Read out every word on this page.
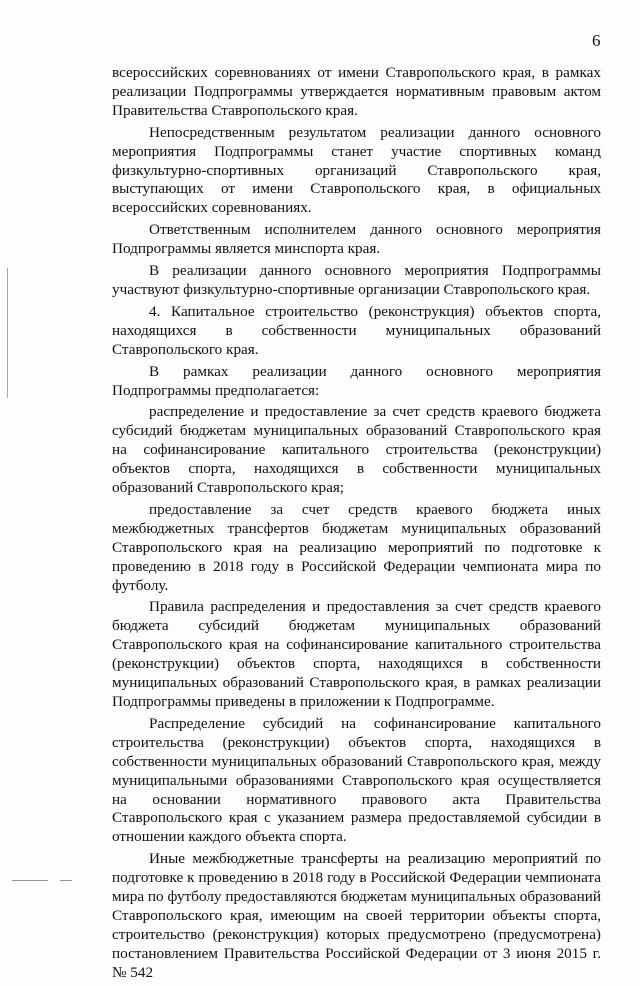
6

всероссийских соревнованиях от имени Ставропольского края, в рамках реализации Подпрограммы утверждается нормативным правовым актом Правительства Ставропольского края.

Непосредственным результатом реализации данного основного мероприятия Подпрограммы станет участие спортивных команд физкультурно-спортивных организаций Ставропольского края, выступающих от имени Ставропольского края, в официальных всероссийских соревнованиях.

Ответственным исполнителем данного основного мероприятия Подпрограммы является минспорта края.

В реализации данного основного мероприятия Подпрограммы участвуют физкультурно-спортивные организации Ставропольского края.

4. Капитальное строительство (реконструкция) объектов спорта, находящихся в собственности муниципальных образований Ставропольского края.

В рамках реализации данного основного мероприятия Подпрограммы предполагается:

распределение и предоставление за счет средств краевого бюджета субсидий бюджетам муниципальных образований Ставропольского края на софинансирование капитального строительства (реконструкции) объектов спорта, находящихся в собственности муниципальных образований Ставропольского края;

предоставление за счет средств краевого бюджета иных межбюджетных трансфертов бюджетам муниципальных образований Ставропольского края на реализацию мероприятий по подготовке к проведению в 2018 году в Российской Федерации чемпионата мира по футболу.

Правила распределения и предоставления за счет средств краевого бюджета субсидий бюджетам муниципальных образований Ставропольского края на софинансирование капитального строительства (реконструкции) объектов спорта, находящихся в собственности муниципальных образований Ставропольского края, в рамках реализации Подпрограммы приведены в приложении к Подпрограмме.

Распределение субсидий на софинансирование капитального строительства (реконструкции) объектов спорта, находящихся в собственности муниципальных образований Ставропольского края, между муниципальными образованиями Ставропольского края осуществляется на основании нормативного правового акта Правительства Ставропольского края с указанием размера предоставляемой субсидии в отношении каждого объекта спорта.

Иные межбюджетные трансферты на реализацию мероприятий по подготовке к проведению в 2018 году в Российской Федерации чемпионата мира по футболу предоставляются бюджетам муниципальных образований Ставропольского края, имеющим на своей территории объекты спорта, строительство (реконструкция) которых предусмотрено (предусмотрена) постановлением Правительства Российской Федерации от 3 июня 2015 г. № 542
